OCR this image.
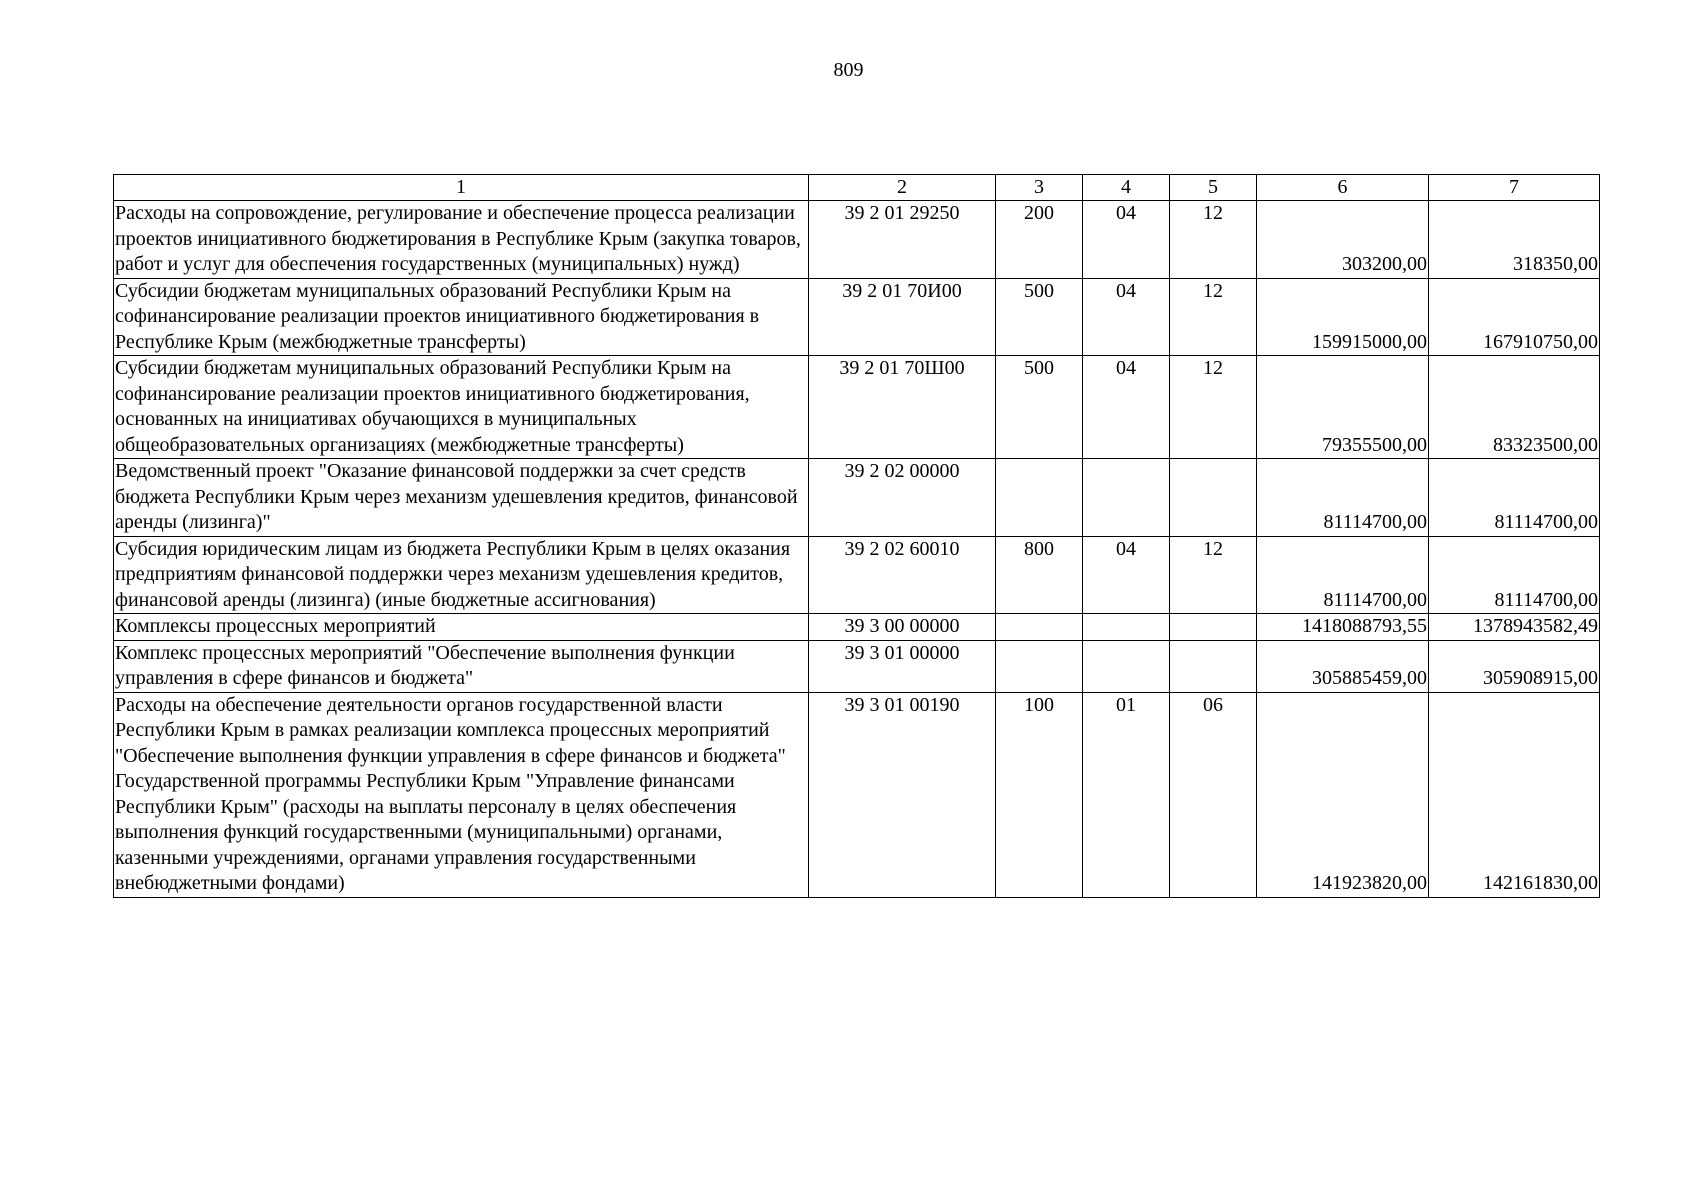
809
1	2	3	4	5	6	7
Расходы на сопровождение, регулирование и обеспечение процесса реализации проектов инициативного бюджетирования в Республике Крым (закупка товаров, работ и услуг для обеспечения государственных (муниципальных) нужд)	39 2 01 29250	200	04	12	303200,00	318350,00
Субсидии бюджетам муниципальных образований Республики Крым на софинансирование реализации проектов инициативного бюджетирования в Республике Крым (межбюджетные трансферты)	39 2 01 70И00	500	04	12	159915000,00	167910750,00
Субсидии бюджетам муниципальных образований Республики Крым на софинансирование реализации проектов инициативного бюджетирования, основанных на инициативах обучающихся в муниципальных общеобразовательных организациях (межбюджетные трансферты)	39 2 01 70Ш00	500	04	12	79355500,00	83323500,00
Ведомственный проект "Оказание финансовой поддержки за счет средств бюджета Республики Крым через механизм удешевления кредитов, финансовой аренды (лизинга)"	39 2 02 00000				81114700,00	81114700,00
Субсидия юридическим лицам из бюджета Республики Крым в целях оказания предприятиям финансовой поддержки через механизм удешевления кредитов, финансовой аренды (лизинга) (иные бюджетные ассигнования)	39 2 02 60010	800	04	12	81114700,00	81114700,00
Комплексы процессных мероприятий	39 3 00 00000				1418088793,55	1378943582,49
Комплекс процессных мероприятий "Обеспечение выполнения функции управления в сфере финансов и бюджета"	39 3 01 00000				305885459,00	305908915,00
Расходы на обеспечение деятельности органов государственной власти Республики Крым в рамках реализации комплекса процессных мероприятий "Обеспечение выполнения функции управления в сфере финансов и бюджета" Государственной программы Республики Крым "Управление финансами Республики Крым" (расходы на выплаты персоналу в целях обеспечения выполнения функций государственными (муниципальными) органами, казенными учреждениями, органами управления государственными внебюджетными фондами)	39 3 01 00190	100	01	06	141923820,00	142161830,00
